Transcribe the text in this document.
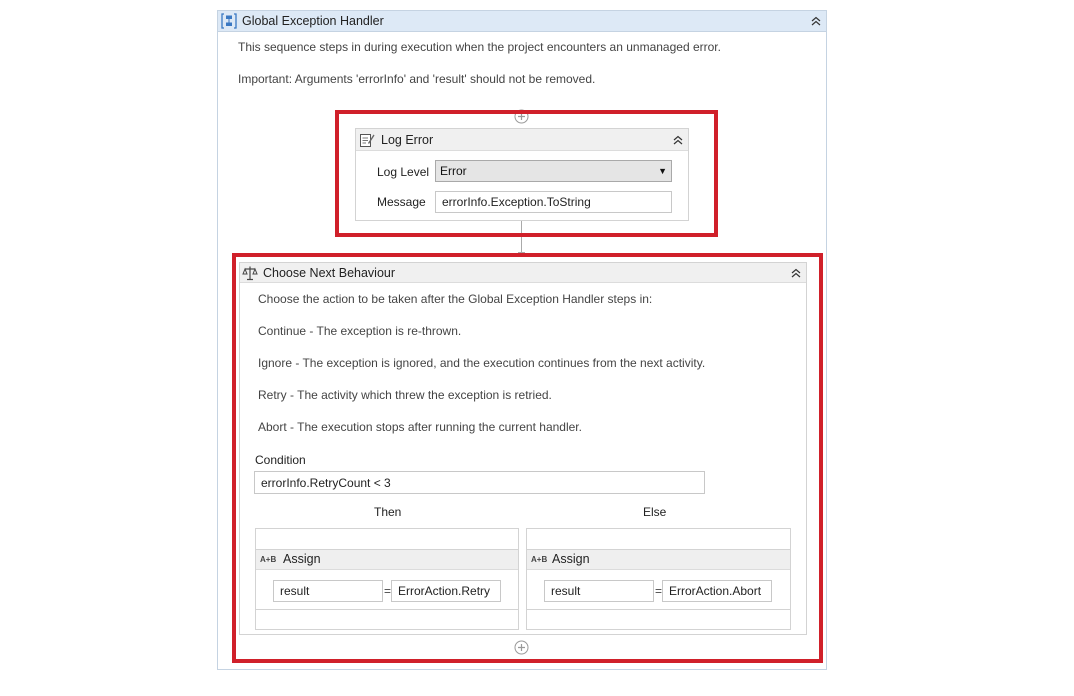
Global Exception Handler
This sequence steps in during execution when the project encounters an unmanaged error.
Important: Arguments 'errorInfo' and 'result' should not be removed.
Log Error
Log Level Error	▼
Message	errorInfo.Exception.ToString
Choose Next Behaviour
Choose the action to be taken after the Global Exception Handler steps in:
Continue - The exception is re-thrown.
Ignore - The exception is ignored, and the execution continues from the next activity.
Retry - The activity which threw the exception is retried.
Abort - The execution stops after running the current handler.
Condition
errorInfo.RetryCount < 3
Then	Else
A+B Assign
result	= ErrorAction.Retry
A+B Assign
result	= ErrorAction.Abort
